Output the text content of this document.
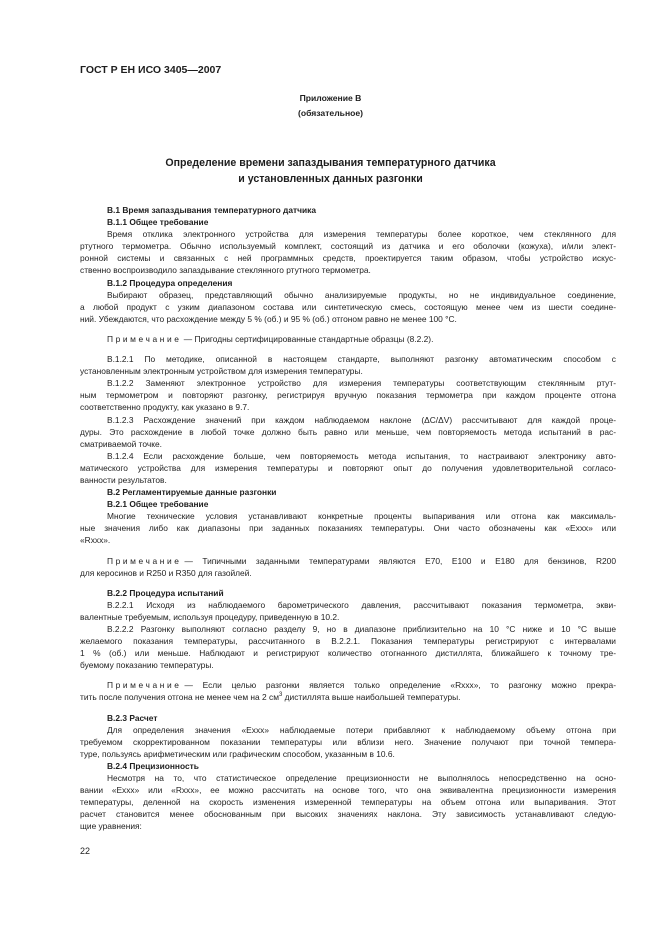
ГОСТ Р ЕН ИСО 3405—2007
Приложение В
(обязательное)
Определение времени запаздывания температурного датчика
и установленных данных разгонки
В.1 Время запаздывания температурного датчика
В.1.1 Общее требование
Время отклика электронного устройства для измерения температуры более короткое, чем стеклянного для
ртутного термометра. Обычно используемый комплект, состоящий из датчика и его оболочки (кожуха), и/или элект-
ронной системы и связанных с ней программных средств, проектируется таким образом, чтобы устройство искус-
ственно воспроизводило запаздывание стеклянного ртутного термометра.
В.1.2 Процедура определения
Выбирают образец, представляющий обычно анализируемые продукты, но не индивидуальное соединение,
а любой продукт с узким диапазоном состава или синтетическую смесь, состоящую менее чем из шести соедине-
ний. Убеждаются, что расхождение между 5 % (об.) и 95 % (об.) отгоном равно не менее 100 °C.
Примечание — Пригодны сертифицированные стандартные образцы (8.2.2).
В.1.2.1 По методике, описанной в настоящем стандарте, выполняют разгонку автоматическим способом с
установленным электронным устройством для измерения температуры.
В.1.2.2 Заменяют электронное устройство для измерения температуры соответствующим стеклянным ртут-
ным термометром и повторяют разгонку, регистрируя вручную показания термометра при каждом проценте отгона
соответственно продукту, как указано в 9.7.
В.1.2.3 Расхождение значений при каждом наблюдаемом наклоне (ΔC/ΔV) рассчитывают для каждой проце-
дуры. Это расхождение в любой точке должно быть равно или меньше, чем повторяемость метода испытаний в рас-
сматриваемой точке.
В.1.2.4 Если расхождение больше, чем повторяемость метода испытания, то настраивают электронику авто-
матического устройства для измерения температуры и повторяют опыт до получения удовлетворительной согласо-
ванности результатов.
В.2 Регламентируемые данные разгонки
В.2.1 Общее требование
Многие технические условия устанавливают конкретные проценты выпаривания или отгона как максималь-
ные значения либо как диапазоны при заданных показаниях температуры. Они часто обозначены как «Exxx» или
«Rxxx».
Примечание — Типичными заданными температурами являются E70, E100 и E180 для бензинов, R200
для керосинов и R250 и R350 для газойлей.
В.2.2 Процедура испытаний
В.2.2.1 Исходя из наблюдаемого барометрического давления, рассчитывают показания термометра, экви-
валентные требуемым, используя процедуру, приведенную в 10.2.
В.2.2.2 Разгонку выполняют согласно разделу 9, но в диапазоне приблизительно на 10 °C ниже и 10 °C выше
желаемого показания температуры, рассчитанного в В.2.2.1. Показания температуры регистрируют с интервалами
1 % (об.) или меньше. Наблюдают и регистрируют количество отогнанного дистиллята, ближайшего к точному тре-
буемому показанию температуры.
Примечание — Если целью разгонки является только определение «Rxxx», то разгонку можно прекра-
тить после получения отгона не менее чем на 2 $см^3$ дистиллята выше наибольшей температуры.
В.2.3 Расчет
Для определения значения «Exxx» наблюдаемые потери прибавляют к наблюдаемому объему отгона при
требуемом скорректированном показании температуры или вблизи него. Значение получают при точной темпера-
туре, пользуясь арифметическим или графическим способом, указанным в 10.6.
В.2.4 Прецизионность
Несмотря на то, что статистическое определение прецизионности не выполнялось непосредственно на осно-
вании «Exxx» или «Rxxx», ее можно рассчитать на основе того, что она эквивалентна прецизионности измерения
температуры, деленной на скорость изменения измеренной температуры на объем отгона или выпаривания. Этот
расчет становится менее обоснованным при высоких значениях наклона. Эту зависимость устанавливают следую-
щие уравнения:
22
